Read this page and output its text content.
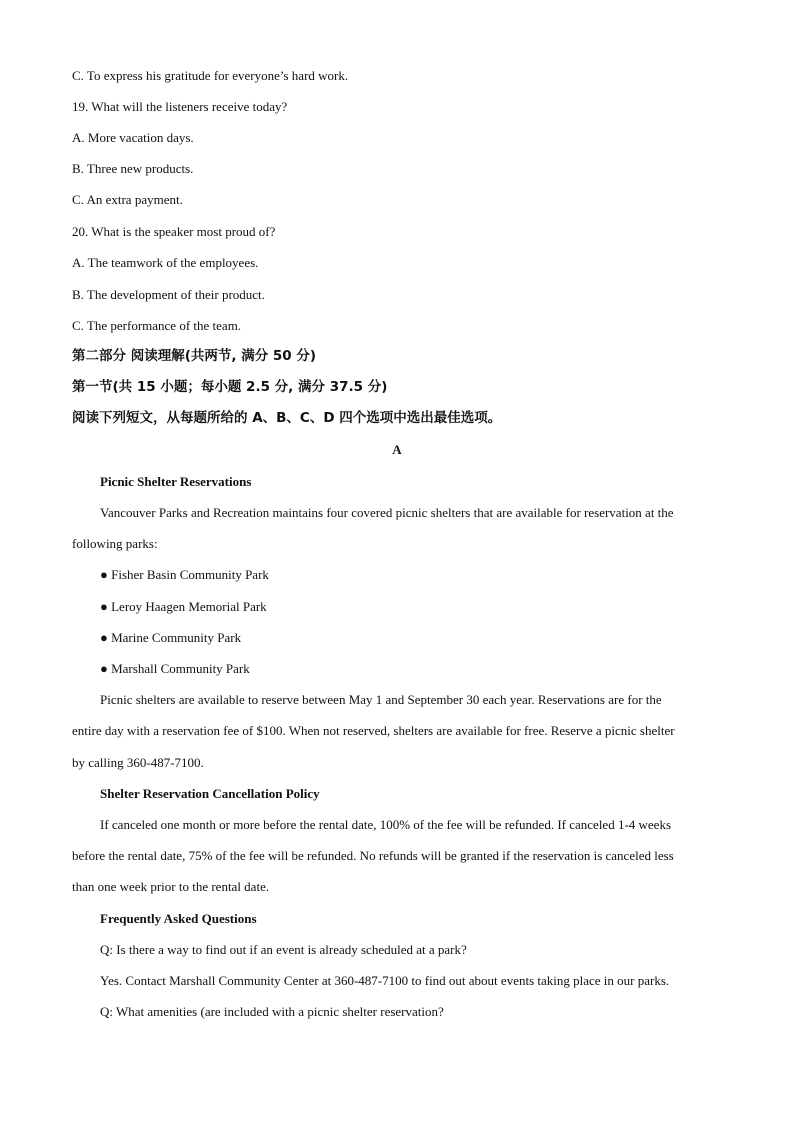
C. To express his gratitude for everyone’s hard work.
19. What will the listeners receive today?
A. More vacation days.
B. Three new products.
C. An extra payment.
20. What is the speaker most proud of?
A. The teamwork of the employees.
B. The development of their product.
C. The performance of the team.
第二部分 阅读理解(共两节, 满分 50 分)
第一节(共 15 小题；每小题 2.5 分, 满分 37.5 分)
阅读下列短文，从每题所给的 A、B、C、D 四个选项中选出最佳选项。
A
Picnic Shelter Reservations
Vancouver Parks and Recreation maintains four covered picnic shelters that are available for reservation at the
following parks:
● Fisher Basin Community Park
● Leroy Haagen Memorial Park
● Marine Community Park
● Marshall Community Park
Picnic shelters are available to reserve between May 1 and September 30 each year. Reservations are for the
entire day with a reservation fee of $100. When not reserved, shelters are available for free. Reserve a picnic shelter
by calling 360-487-7100.
Shelter Reservation Cancellation Policy
If canceled one month or more before the rental date, 100% of the fee will be refunded. If canceled 1-4 weeks
before the rental date, 75% of the fee will be refunded. No refunds will be granted if the reservation is canceled less
than one week prior to the rental date.
Frequently Asked Questions
Q: Is there a way to find out if an event is already scheduled at a park?
Yes. Contact Marshall Community Center at 360-487-7100 to find out about events taking place in our parks.
Q: What amenities (are included with a picnic shelter reservation?
